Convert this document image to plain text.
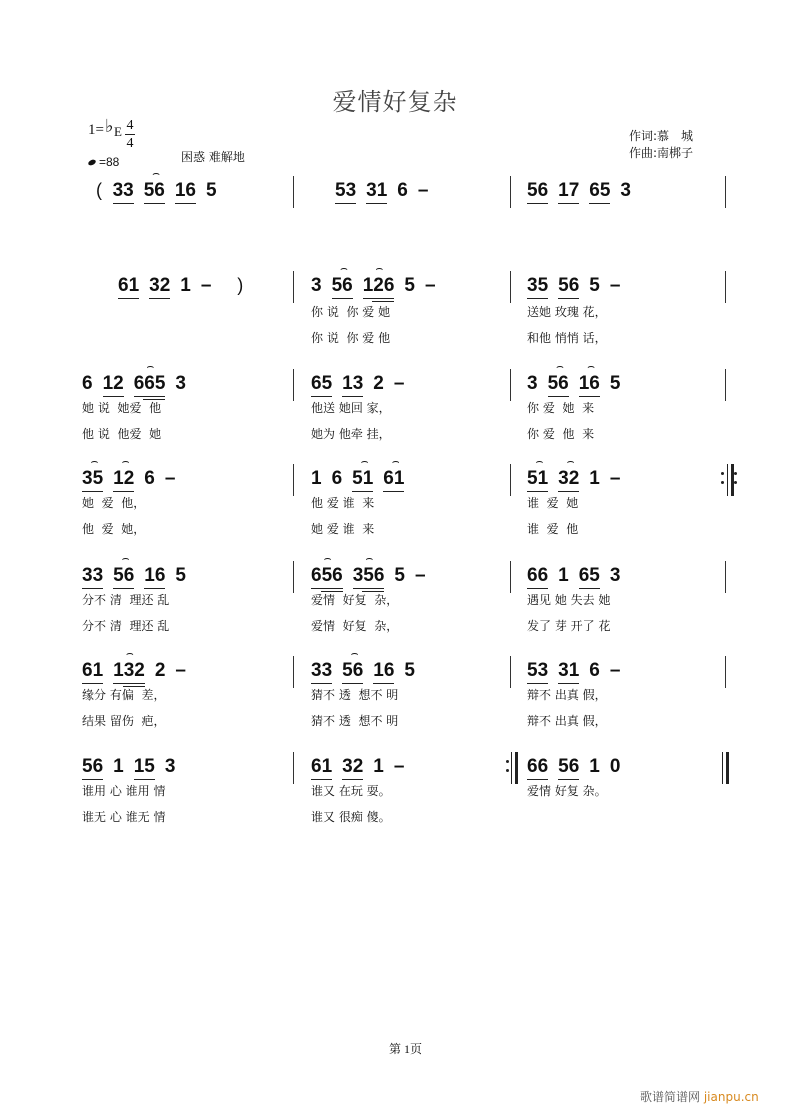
爱情好复杂
1= ♭ E 4
4
=88	困惑 难解地
作词:慕　城
作曲:南梆子
( 33 ⌢ 56 16 5	53 31 6 –	56 17 65 3
61 32 1 – )	3 ⌢ 56 ⌢ 126 5 –
你 说  你 爱 她
你 说  你 爱 他
35 56 5 –
送她 玫瑰 花，
和他 悄悄 话，
6 12 ⌢ 665 3
她 说  她爱  他
他 说  他爱  她
65 13 2 –
他送 她回 家，
她为 他牵 挂，
3 ⌢ 56 ⌢ 16 5
你 爱  她  来
你 爱  他  来
⌢ 35 ⌢ 12 6 –
她  爱  他，
他  爱  她，
1 6 ⌢ 51 ⌢ 61
他 爱 谁  来
她 爱 谁  来
⌢ 51 ⌢ 32 1 –
谁  爱  她
谁  爱  他
33 ⌢ 56 16 5
分不 清  理还 乱
分不 清  理还 乱
⌢ 656 ⌢ 356 5 –
爱情  好复  杂，
爱情  好复  杂，
66 1 65 3
遇见 她 失去 她
发了 芽 开了 花
61 ⌢ 132 2 –
缘分 有偏  差，
结果 留伤  疤，
33 ⌢ 56 16 5
猜不 透  想不 明
猜不 透  想不 明
53 31 6 –
辩不 出真 假，
辩不 出真 假，
56 1 15 3
谁用 心 谁用 情
谁无 心 谁无 情
61 32 1 –
谁又 在玩 耍。
谁又 很痴 傻。
66 56 1 0
爱情 好复 杂。
第 1页
歌谱简谱网 jianpu.cn
